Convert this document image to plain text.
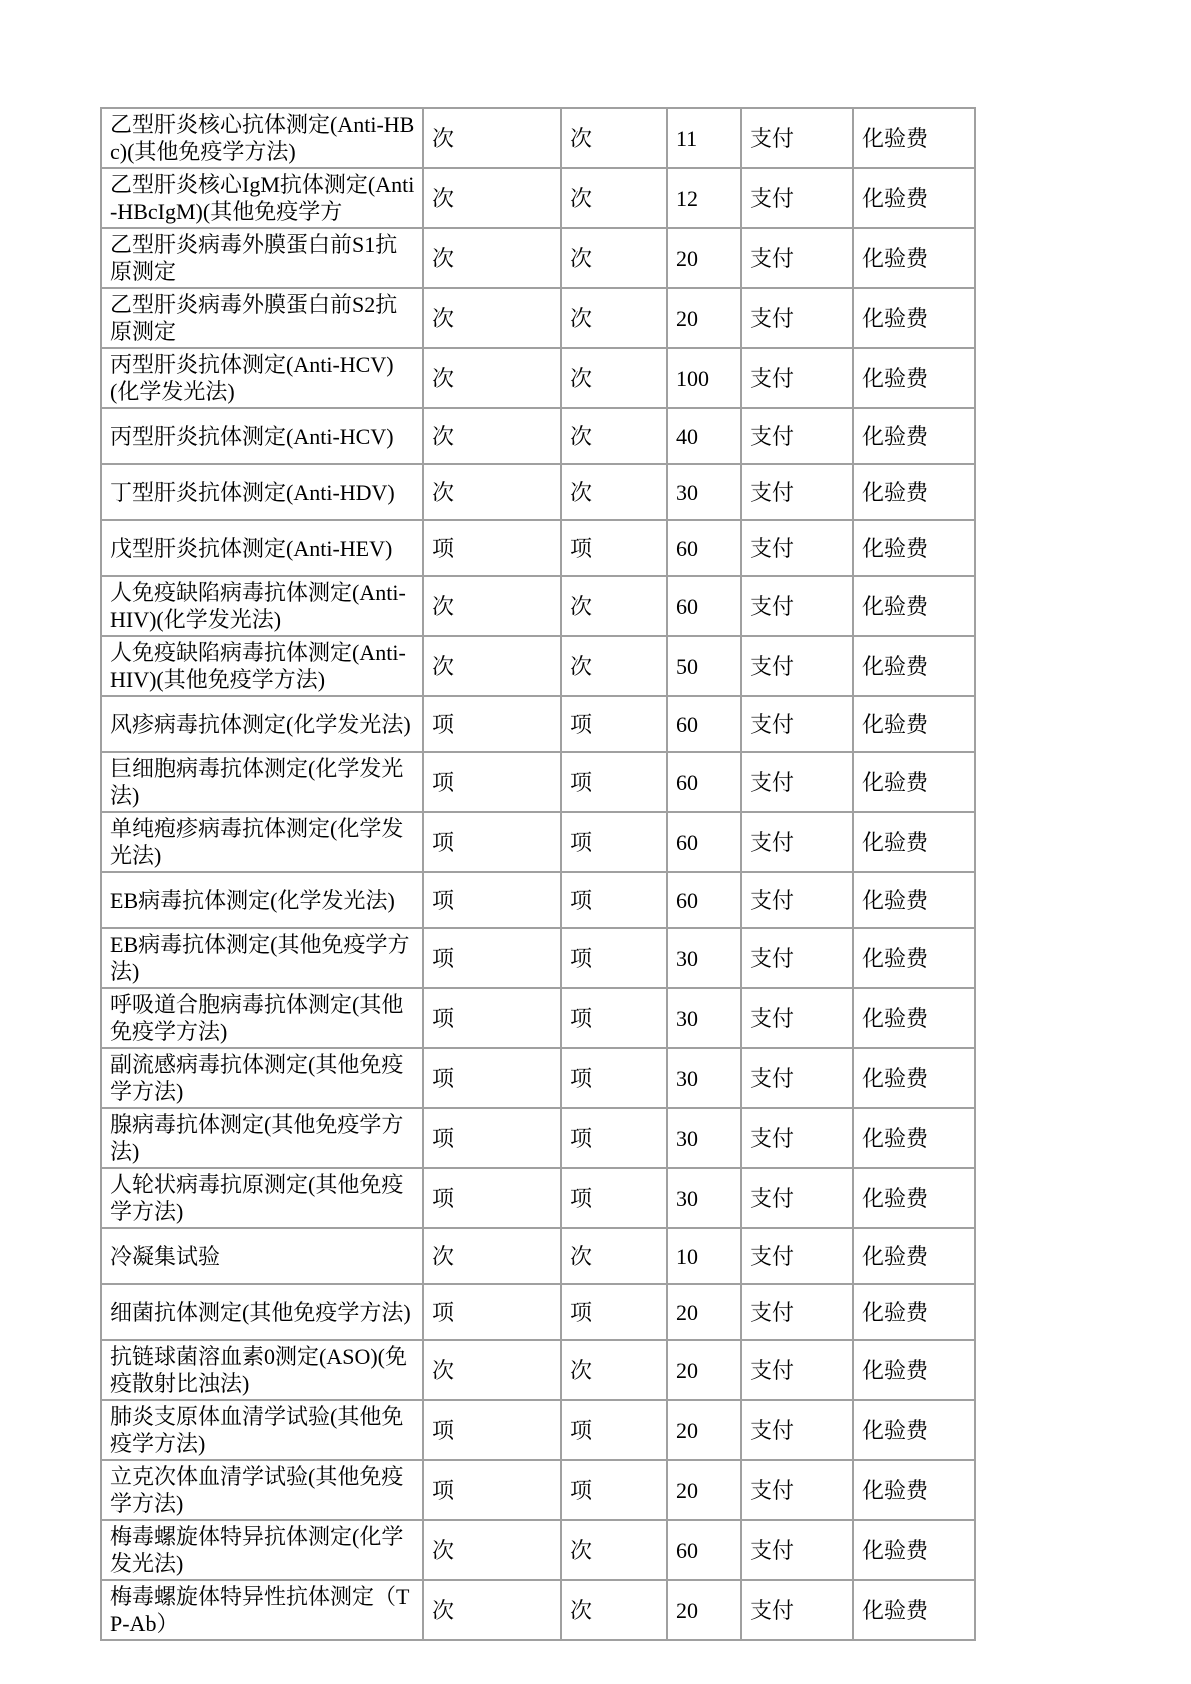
乙型肝炎核心抗体测定(Anti-HBc)(其他免疫学方法)	次	次	11	支付	化验费
乙型肝炎核心IgM抗体测定(Anti-HBcIgM)(其他免疫学方	次	次	12	支付	化验费
乙型肝炎病毒外膜蛋白前S1抗原测定	次	次	20	支付	化验费
乙型肝炎病毒外膜蛋白前S2抗原测定	次	次	20	支付	化验费
丙型肝炎抗体测定(Anti-HCV)(化学发光法)	次	次	100	支付	化验费
丙型肝炎抗体测定(Anti-HCV)	次	次	40	支付	化验费
丁型肝炎抗体测定(Anti-HDV)	次	次	30	支付	化验费
戊型肝炎抗体测定(Anti-HEV)	项	项	60	支付	化验费
人免疫缺陷病毒抗体测定(Anti-HIV)(化学发光法)	次	次	60	支付	化验费
人免疫缺陷病毒抗体测定(Anti-HIV)(其他免疫学方法)	次	次	50	支付	化验费
风疹病毒抗体测定(化学发光法)	项	项	60	支付	化验费
巨细胞病毒抗体测定(化学发光法)	项	项	60	支付	化验费
单纯疱疹病毒抗体测定(化学发光法)	项	项	60	支付	化验费
EB病毒抗体测定(化学发光法)	项	项	60	支付	化验费
EB病毒抗体测定(其他免疫学方法)	项	项	30	支付	化验费
呼吸道合胞病毒抗体测定(其他免疫学方法)	项	项	30	支付	化验费
副流感病毒抗体测定(其他免疫学方法)	项	项	30	支付	化验费
腺病毒抗体测定(其他免疫学方法)	项	项	30	支付	化验费
人轮状病毒抗原测定(其他免疫学方法)	项	项	30	支付	化验费
冷凝集试验	次	次	10	支付	化验费
细菌抗体测定(其他免疫学方法)	项	项	20	支付	化验费
抗链球菌溶血素0测定(ASO)(免疫散射比浊法)	次	次	20	支付	化验费
肺炎支原体血清学试验(其他免疫学方法)	项	项	20	支付	化验费
立克次体血清学试验(其他免疫学方法)	项	项	20	支付	化验费
梅毒螺旋体特异抗体测定(化学发光法)	次	次	60	支付	化验费
梅毒螺旋体特异性抗体测定（TP-Ab）	次	次	20	支付	化验费
